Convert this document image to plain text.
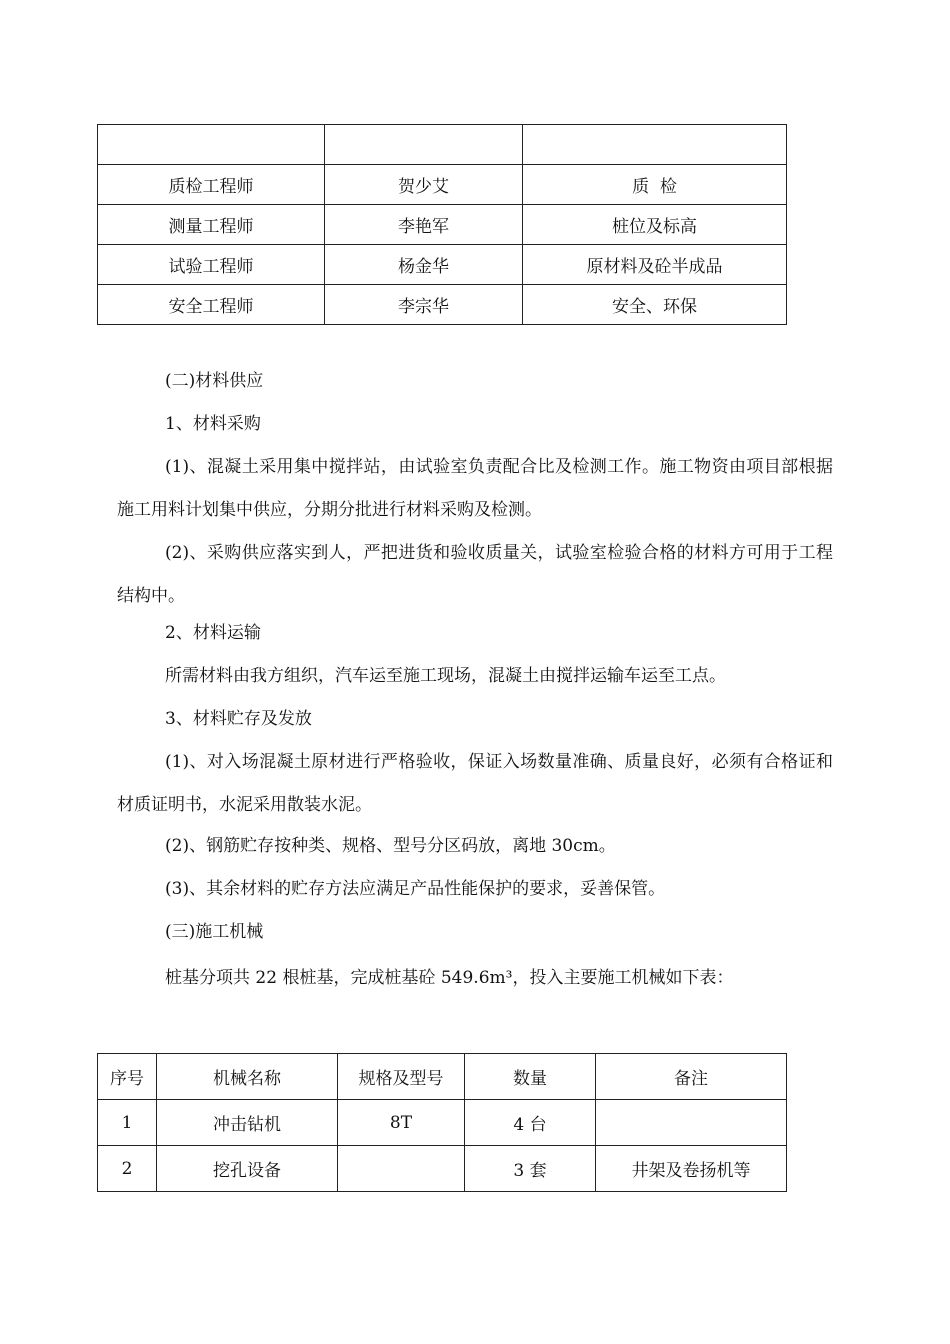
质检工程师	贺少艾	质  检
测量工程师	李艳军	桩位及标高
试验工程师	杨金华	原材料及砼半成品
安全工程师	李宗华	安全、环保

(二)材料供应

1、材料采购

(1)、混凝土采用集中搅拌站，由试验室负责配合比及检测工作。施工物资由项目部根据施工用料计划集中供应，分期分批进行材料采购及检测。

(2)、采购供应落实到人，严把进货和验收质量关，试验室检验合格的材料方可用于工程结构中。

2、材料运输

所需材料由我方组织，汽车运至施工现场，混凝土由搅拌运输车运至工点。

3、材料贮存及发放

(1)、对入场混凝土原材进行严格验收，保证入场数量准确、质量良好，必须有合格证和材质证明书，水泥采用散装水泥。

(2)、钢筋贮存按种类、规格、型号分区码放，离地 30cm。

(3)、其余材料的贮存方法应满足产品性能保护的要求，妥善保管。

(三)施工机械

桩基分项共 22 根桩基，完成桩基砼 549.6m³，投入主要施工机械如下表：

序号	机械名称	规格及型号	数量	备注
1	冲击钻机	8T	4 台	
2	挖孔设备		3 套	井架及卷扬机等
